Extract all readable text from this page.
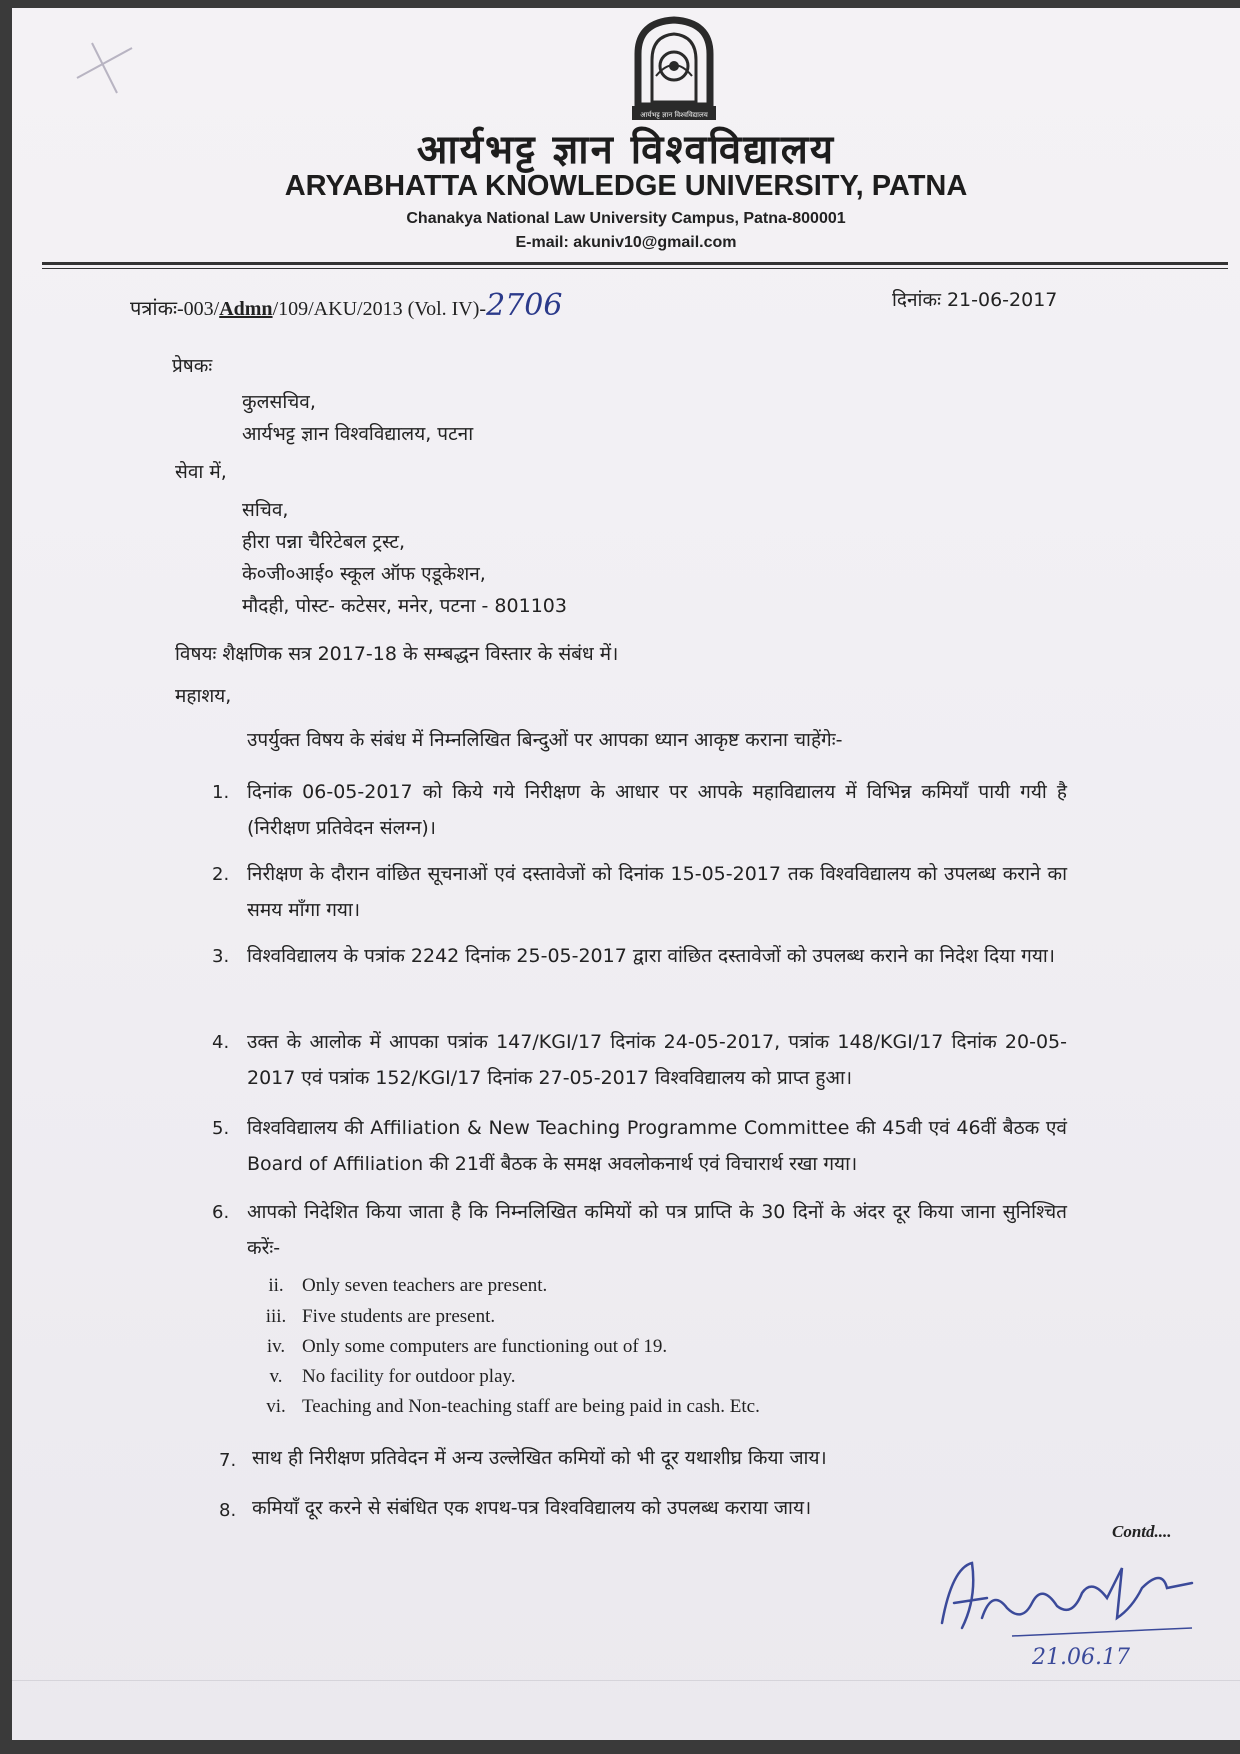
आर्यभट्ट ज्ञान विश्वविद्यालय
आर्यभट्ट ज्ञान विश्वविद्यालय
ARYABHATTA KNOWLEDGE UNIVERSITY, PATNA
Chanakya National Law University Campus, Patna-800001
E-mail: akuniv10@gmail.com
पत्रांकः-003/Admn/109/AKU/2013 (Vol. IV)-2706	दिनांकः 21-06-2017
प्रेषकः
कुलसचिव,
आर्यभट्ट ज्ञान विश्वविद्यालय, पटना
सेवा में,
सचिव,
हीरा पन्ना चैरिटेबल ट्रस्ट,
के०जी०आई० स्कूल ऑफ एडूकेशन,
मौदही, पोस्ट- कटेसर, मनेर, पटना - 801103
विषयः शैक्षणिक सत्र 2017-18 के सम्बद्धन विस्तार के संबंध में।
महाशय,
उपर्युक्त विषय के संबंध में निम्नलिखित बिन्दुओं पर आपका ध्यान आकृष्ट कराना चाहेंगेः-
1. दिनांक 06-05-2017 को किये गये निरीक्षण के आधार पर आपके महाविद्यालय में विभिन्न कमियाँ पायी गयी है (निरीक्षण प्रतिवेदन संलग्न)।
2. निरीक्षण के दौरान वांछित सूचनाओं एवं दस्तावेजों को दिनांक 15-05-2017 तक विश्वविद्यालय को उपलब्ध कराने का समय माँगा गया।
3. विश्वविद्यालय के पत्रांक 2242 दिनांक 25-05-2017 द्वारा वांछित दस्तावेजों को उपलब्ध कराने का निदेश दिया गया।
4. उक्त के आलोक में आपका पत्रांक 147/KGI/17 दिनांक 24-05-2017, पत्रांक 148/KGI/17 दिनांक 20-05-2017 एवं पत्रांक 152/KGI/17 दिनांक 27-05-2017 विश्वविद्यालय को प्राप्त हुआ।
5. विश्वविद्यालय की Affiliation & New Teaching Programme Committee की 45वी एवं 46वीं बैठक एवं Board of Affiliation की 21वीं बैठक के समक्ष अवलोकनार्थ एवं विचारार्थ रखा गया।
6. आपको निदेशित किया जाता है कि निम्नलिखित कमियों को पत्र प्राप्ति के 30 दिनों के अंदर दूर किया जाना सुनिश्चित करेंः-
ii. Only seven teachers are present.
iii. Five students are present.
iv. Only some computers are functioning out of 19.
v. No facility for outdoor play.
vi. Teaching and Non-teaching staff are being paid in cash. Etc.
7. साथ ही निरीक्षण प्रतिवेदन में अन्य उल्लेखित कमियों को भी दूर यथाशीघ्र किया जाय।
8. कमियाँ दूर करने से संबंधित एक शपथ-पत्र विश्वविद्यालय को उपलब्ध कराया जाय।
Contd....
21.06.17
